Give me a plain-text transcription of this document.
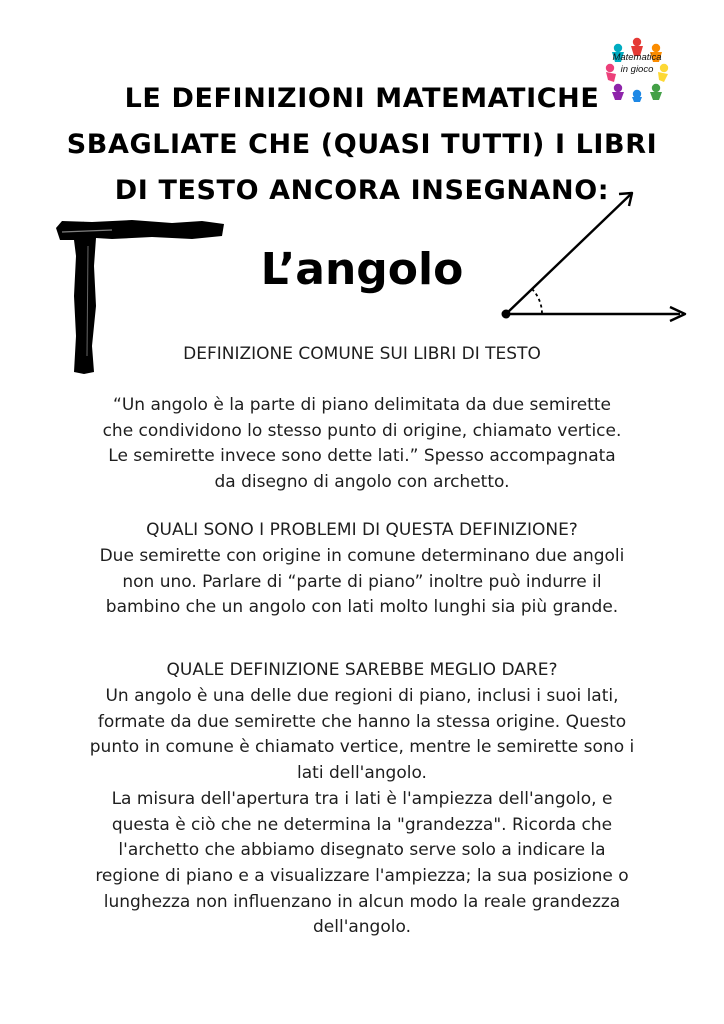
Matematica
in gioco
LE DEFINIZIONI MATEMATICHE
SBAGLIATE CHE (QUASI TUTTI) I LIBRI
DI TESTO ANCORA INSEGNANO:
L’angolo

DEFINIZIONE COMUNE SUI LIBRI DI TESTO

“Un angolo è la parte di piano delimitata da due semirette

che condividono lo stesso punto di origine, chiamato vertice.

Le semirette invece sono dette lati.” Spesso accompagnata

da disegno di angolo con archetto.

QUALI SONO I PROBLEMI DI QUESTA DEFINIZIONE?

Due semirette con origine in comune determinano due angoli

non uno. Parlare di “parte di piano” inoltre può indurre il

bambino che un angolo con lati molto lunghi sia più grande.

QUALE DEFINIZIONE SAREBBE MEGLIO DARE?

Un angolo è una delle due regioni di piano, inclusi i suoi lati,

formate da due semirette che hanno la stessa origine. Questo

punto in comune è chiamato vertice, mentre le semirette sono i

lati dell'angolo.

La misura dell'apertura tra i lati è l'ampiezza dell'angolo, e

questa è ciò che ne determina la "grandezza". Ricorda che

l'archetto che abbiamo disegnato serve solo a indicare la

regione di piano e a visualizzare l'ampiezza; la sua posizione o

lunghezza non influenzano in alcun modo la reale grandezza

dell'angolo.
